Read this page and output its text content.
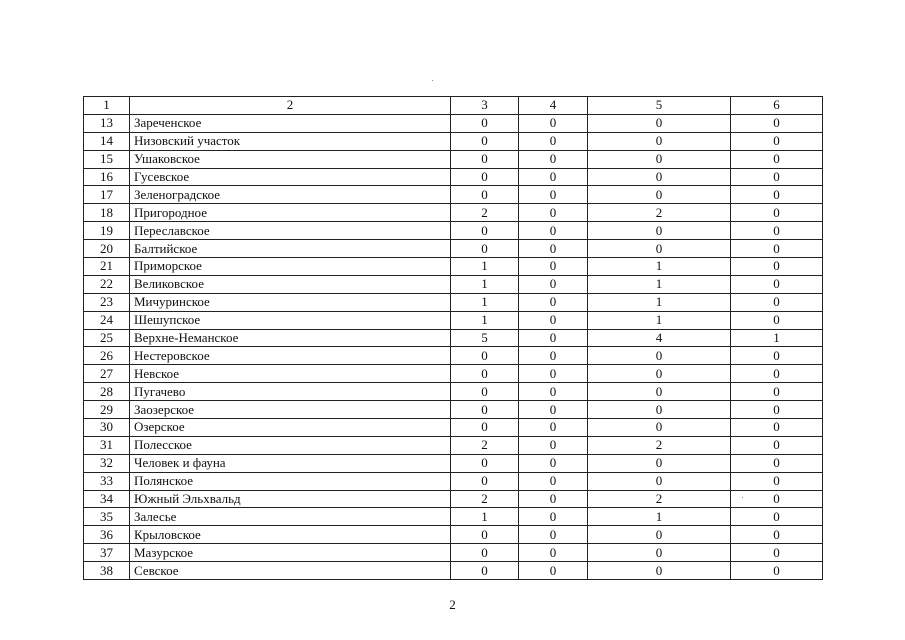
1	2	3	4	5	6
13	Зареченское	0	0	0	0
14	Низовский участок	0	0	0	0
15	Ушаковское	0	0	0	0
16	Гусевское	0	0	0	0
17	Зеленоградское	0	0	0	0
18	Пригородное	2	0	2	0
19	Переславское	0	0	0	0
20	Балтийское	0	0	0	0
21	Приморское	1	0	1	0
22	Великовское	1	0	1	0
23	Мичуринское	1	0	1	0
24	Шешупское	1	0	1	0
25	Верхне-Неманское	5	0	4	1
26	Нестеровское	0	0	0	0
27	Невское	0	0	0	0
28	Пугачево	0	0	0	0
29	Заозерское	0	0	0	0
30	Озерское	0	0	0	0
31	Полесское	2	0	2	0
32	Человек и фауна	0	0	0	0
33	Полянское	0	0	0	0
34	Южный Эльхвальд	2	0	2	0
35	Залесье	1	0	1	0
36	Крыловское	0	0	0	0
37	Мазурское	0	0	0	0
38	Севское	0	0	0	0
2
